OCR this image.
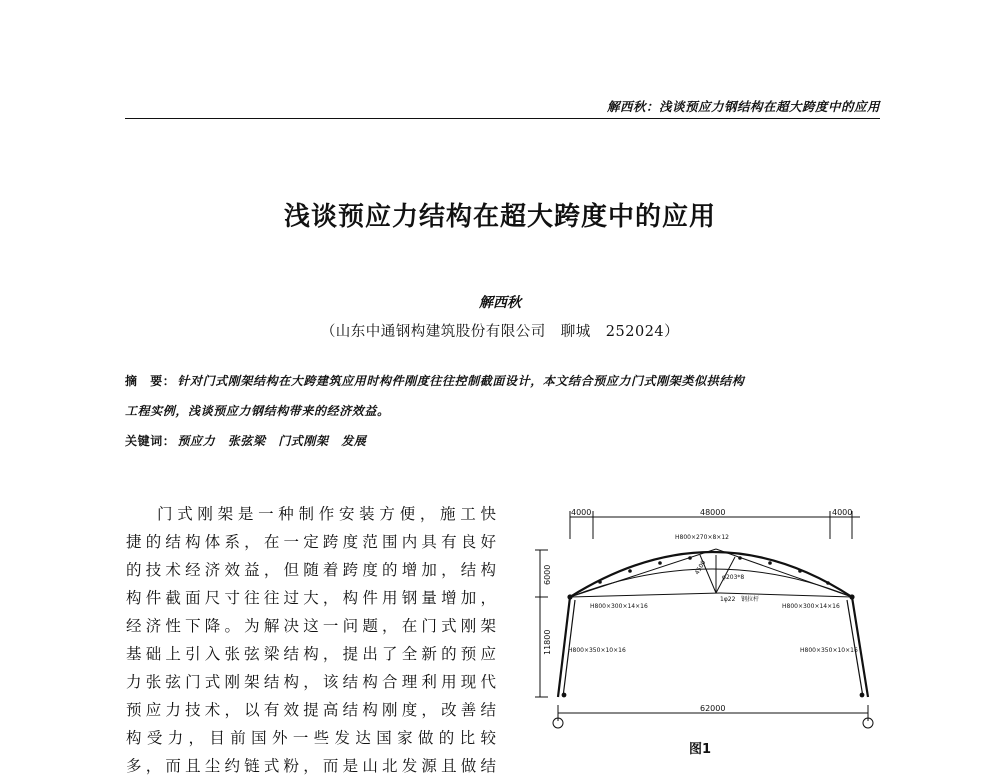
解西秋：浅谈预应力钢结构在超大跨度中的应用
浅谈预应力结构在超大跨度中的应用
解西秋
（山东中通钢构建筑股份有限公司　聊城　252024）
摘　要： 针对门式刚架结构在大跨建筑应用时构件刚度往往控制截面设计，本文结合预应力门式刚架类似拱结构
工程实例，浅谈预应力钢结构带来的经济效益。
关键词： 预应力　张弦梁　门式刚架　发展
门式刚架是一种制作安装方便，施工快
捷的结构体系，在一定跨度范围内具有良好
的技术经济效益，但随着跨度的增加，结构
构件截面尺寸往往过大，构件用钢量增加，
经济性下降。为解决这一问题，在门式刚架
基础上引入张弦梁结构，提出了全新的预应
力张弦门式刚架结构，该结构合理利用现代
预应力技术，以有效提高结构刚度，改善结
构受力，目前国外一些发达国家做的比较
多，而且尘约链式粉，而是山北发源且做结
4000	48000	4000
62000
6000
11800
H800×270×8×12
φ203*8
1φ22 钢拉杆
4500
H800×300×14×16	H800×300×14×16
H800×350×10×16	H800×350×10×16
图1
